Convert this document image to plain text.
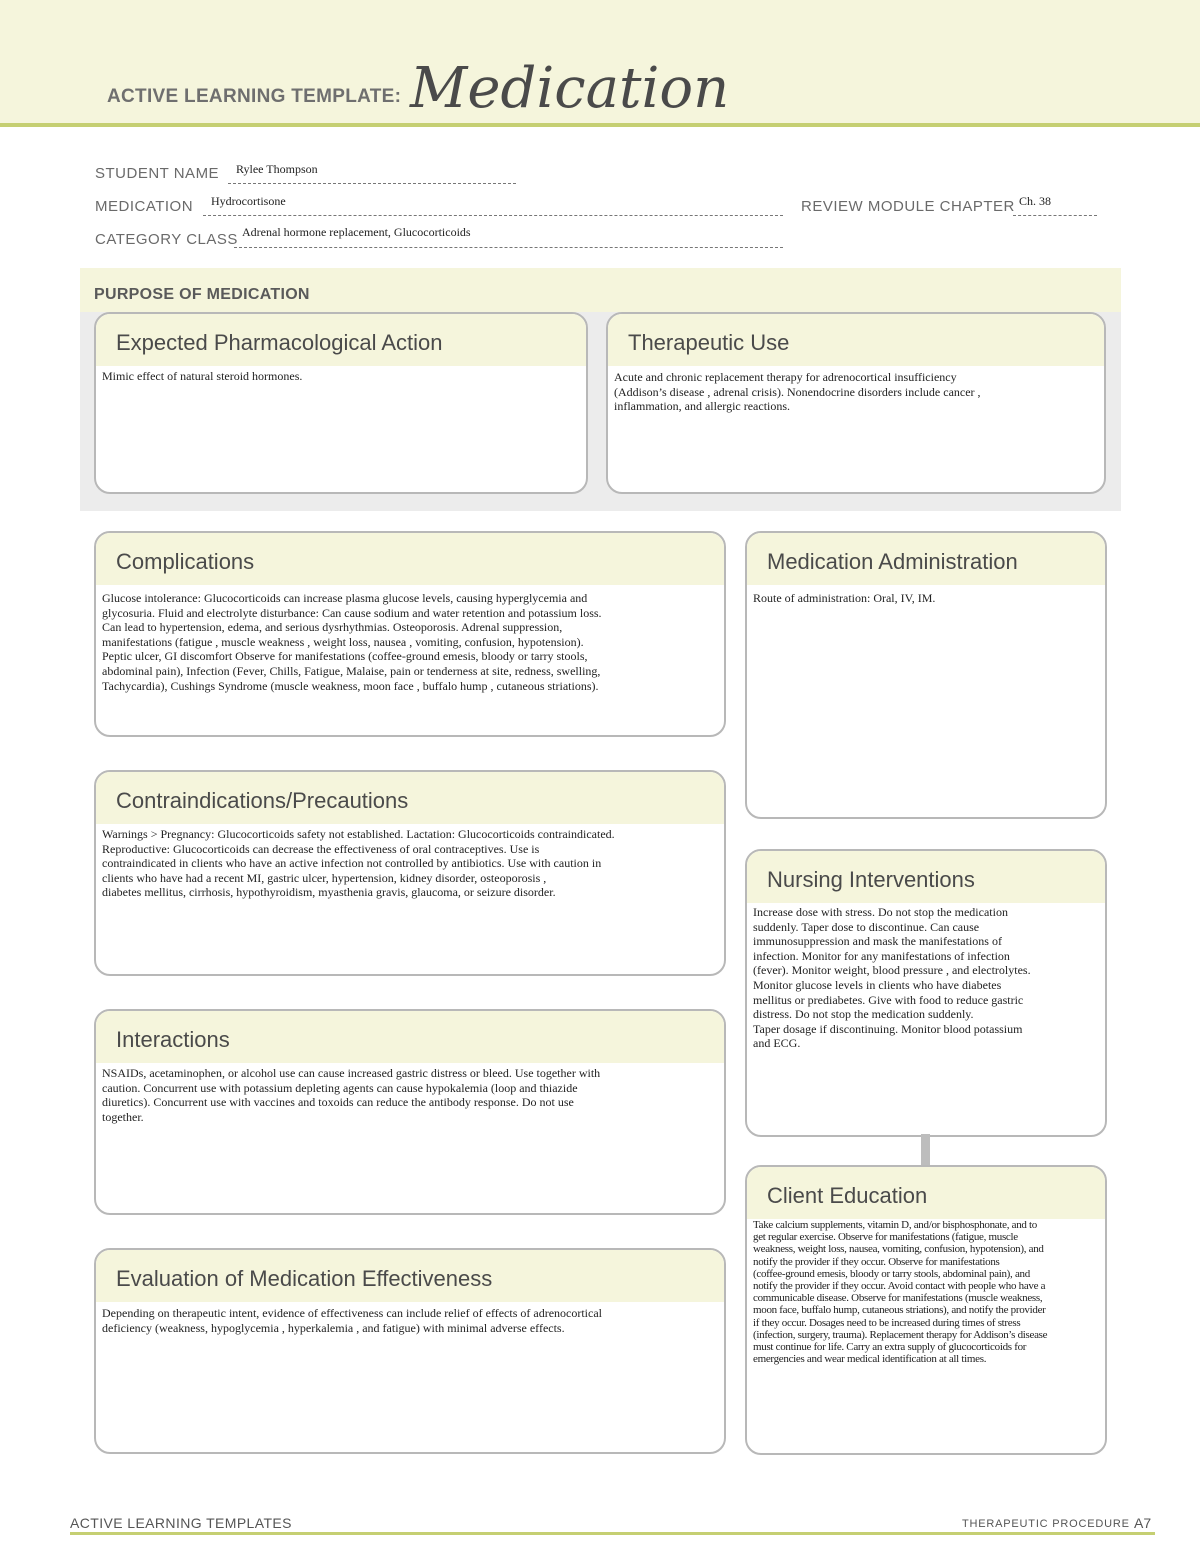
ACTIVE LEARNING TEMPLATE: Medication
STUDENT NAME Rylee Thompson
MEDICATION Hydrocortisone	REVIEW MODULE CHAPTER Ch. 38
CATEGORY CLASS Adrenal hormone replacement, Glucocorticoids
PURPOSE OF MEDICATION
Expected Pharmacological Action
Mimic effect of natural steroid hormones.
Therapeutic Use
Acute and chronic replacement therapy for adrenocortical insufficiency
(Addison’s disease , adrenal crisis). Nonendocrine disorders include cancer ,
inflammation, and allergic reactions.
Complications
Glucose intolerance: Glucocorticoids can increase plasma glucose levels, causing hyperglycemia and
glycosuria. Fluid and electrolyte disturbance: Can cause sodium and water retention and potassium loss.
Can lead to hypertension, edema, and serious dysrhythmias. Osteoporosis. Adrenal suppression,
manifestations (fatigue , muscle weakness , weight loss, nausea , vomiting, confusion, hypotension).
Peptic ulcer, GI discomfort Observe for manifestations (coffee-ground emesis, bloody or tarry stools,
abdominal pain), Infection (Fever, Chills, Fatigue, Malaise, pain or tenderness at site, redness, swelling,
Tachycardia), Cushings Syndrome (muscle weakness, moon face , buffalo hump , cutaneous striations).
Contraindications/Precautions
Warnings > Pregnancy: Glucocorticoids safety not established. Lactation: Glucocorticoids contraindicated.
Reproductive: Glucocorticoids can decrease the effectiveness of oral contraceptives. Use is
contraindicated in clients who have an active infection not controlled by antibiotics. Use with caution in
clients who have had a recent MI, gastric ulcer, hypertension, kidney disorder, osteoporosis ,
diabetes mellitus, cirrhosis, hypothyroidism, myasthenia gravis, glaucoma, or seizure disorder.
Interactions
NSAIDs, acetaminophen, or alcohol use can cause increased gastric distress or bleed. Use together with
caution. Concurrent use with potassium depleting agents can cause hypokalemia (loop and thiazide
diuretics). Concurrent use with vaccines and toxoids can reduce the antibody response. Do not use
together.
Evaluation of Medication Effectiveness
Depending on therapeutic intent, evidence of effectiveness can include relief of effects of adrenocortical
deficiency (weakness, hypoglycemia , hyperkalemia , and fatigue) with minimal adverse effects.
Medication Administration
Route of administration: Oral, IV, IM.
Nursing Interventions
Increase dose with stress. Do not stop the medication
suddenly. Taper dose to discontinue. Can cause
immunosuppression and mask the manifestations of
infection. Monitor for any manifestations of infection
(fever). Monitor weight, blood pressure , and electrolytes.
Monitor glucose levels in clients who have diabetes
mellitus or prediabetes. Give with food to reduce gastric
distress. Do not stop the medication suddenly.
Taper dosage if discontinuing. Monitor blood potassium
and ECG.
Client Education
Take calcium supplements, vitamin D, and/or bisphosphonate, and to
get regular exercise. Observe for manifestations (fatigue, muscle
weakness, weight loss, nausea, vomiting, confusion, hypotension), and
notify the provider if they occur. Observe for manifestations
(coffee-ground emesis, bloody or tarry stools, abdominal pain), and
notify the provider if they occur. Avoid contact with people who have a
communicable disease. Observe for manifestations (muscle weakness,
moon face, buffalo hump, cutaneous striations), and notify the provider
if they occur. Dosages need to be increased during times of stress
(infection, surgery, trauma). Replacement therapy for Addison’s disease
must continue for life. Carry an extra supply of glucocorticoids for
emergencies and wear medical identification at all times.
ACTIVE LEARNING TEMPLATES	THERAPEUTIC PROCEDURE A7
